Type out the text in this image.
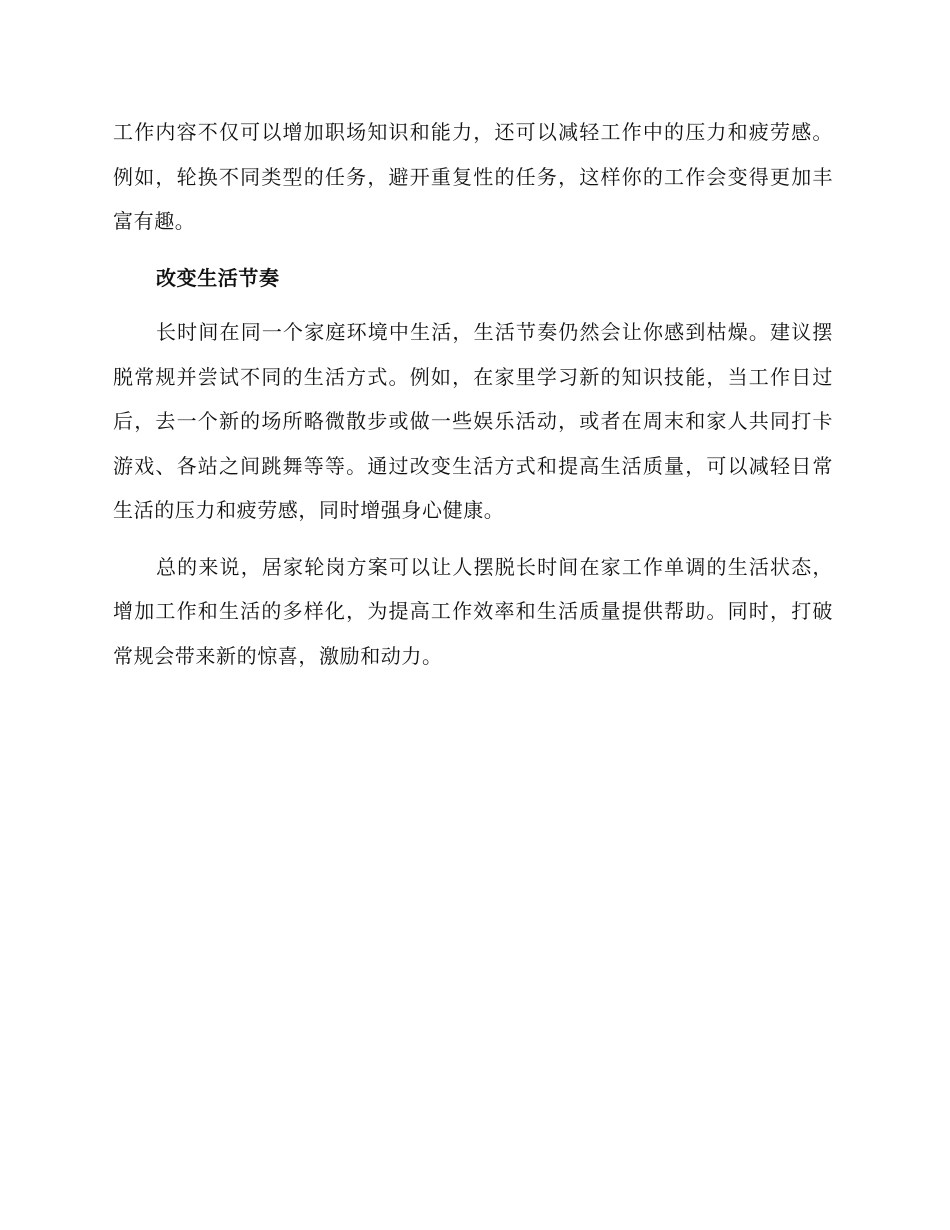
工作内容不仅可以增加职场知识和能力，还可以减轻工作中的压力和疲劳感。例如，轮换不同类型的任务，避开重复性的任务，这样你的工作会变得更加丰富有趣。

改变生活节奏

长时间在同一个家庭环境中生活，生活节奏仍然会让你感到枯燥。建议摆脱常规并尝试不同的生活方式。例如，在家里学习新的知识技能，当工作日过后，去一个新的场所略微散步或做一些娱乐活动，或者在周末和家人共同打卡游戏、各站之间跳舞等等。通过改变生活方式和提高生活质量，可以减轻日常生活的压力和疲劳感，同时增强身心健康。

总的来说，居家轮岗方案可以让人摆脱长时间在家工作单调的生活状态，增加工作和生活的多样化，为提高工作效率和生活质量提供帮助。同时，打破常规会带来新的惊喜，激励和动力。
